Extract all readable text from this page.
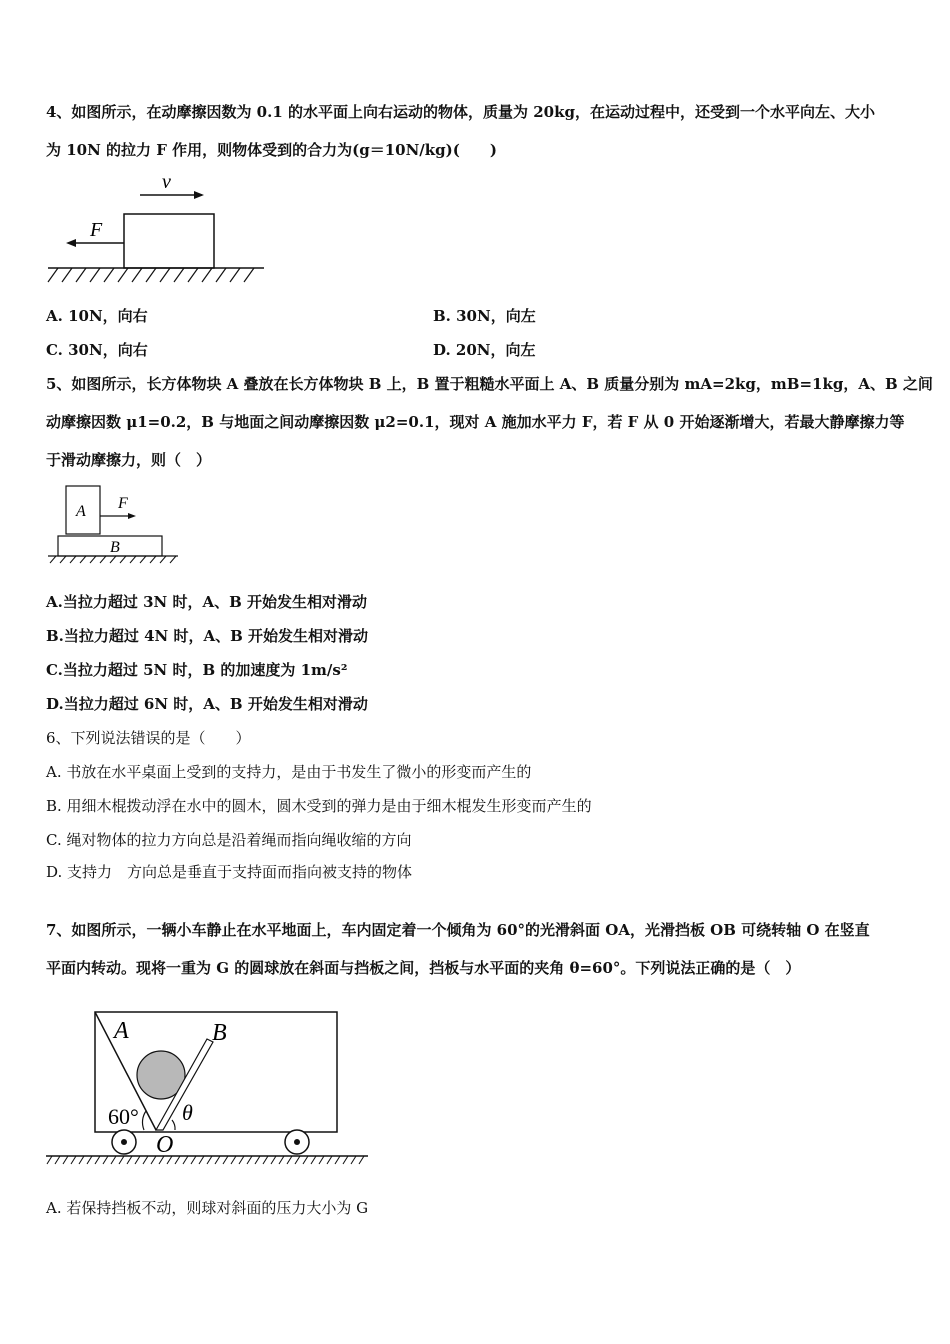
4、如图所示，在动摩擦因数为 0.1 的水平面上向右运动的物体，质量为 20kg，在运动过程中，还受到一个水平向左、大小
为 10N 的拉力 F 作用，则物体受到的合力为(g＝10N/kg)(　　)
v
F
A. 10N，向右	B. 30N，向左
C. 30N，向右	D. 20N，向左
5、如图所示，长方体物块 A 叠放在长方体物块 B 上，B 置于粗糙水平面上 A、B 质量分别为 mA=2kg，mB=1kg，A、B 之间
动摩擦因数 μ1=0.2，B 与地面之间动摩擦因数 μ2=0.1，现对 A 施加水平力 F，若 F 从 0 开始逐渐增大，若最大静摩擦力等
于滑动摩擦力，则（　）
A F
B
A.当拉力超过 3N 时，A、B 开始发生相对滑动
B.当拉力超过 4N 时，A、B 开始发生相对滑动
C.当拉力超过 5N 时，B 的加速度为 1m/s²
D.当拉力超过 6N 时，A、B 开始发生相对滑动
6、下列说法错误的是（　　）
A. 书放在水平桌面上受到的支持力，是由于书发生了微小的形变而产生的
B. 用细木棍拨动浮在水中的圆木，圆木受到的弹力是由于细木棍发生形变而产生的
C. 绳对物体的拉力方向总是沿着绳而指向绳收缩的方向
D. 支持力　方向总是垂直于支持面而指向被支持的物体
7、如图所示，一辆小车静止在水平地面上，车内固定着一个倾角为 60°的光滑斜面 OA，光滑挡板 OB 可绕转轴 O 在竖直
平面内转动。现将一重为 G 的圆球放在斜面与挡板之间，挡板与水平面的夹角 θ=60°。下列说法正确的是（　）
A	B
60° θ
O
A. 若保持挡板不动，则球对斜面的压力大小为 G
